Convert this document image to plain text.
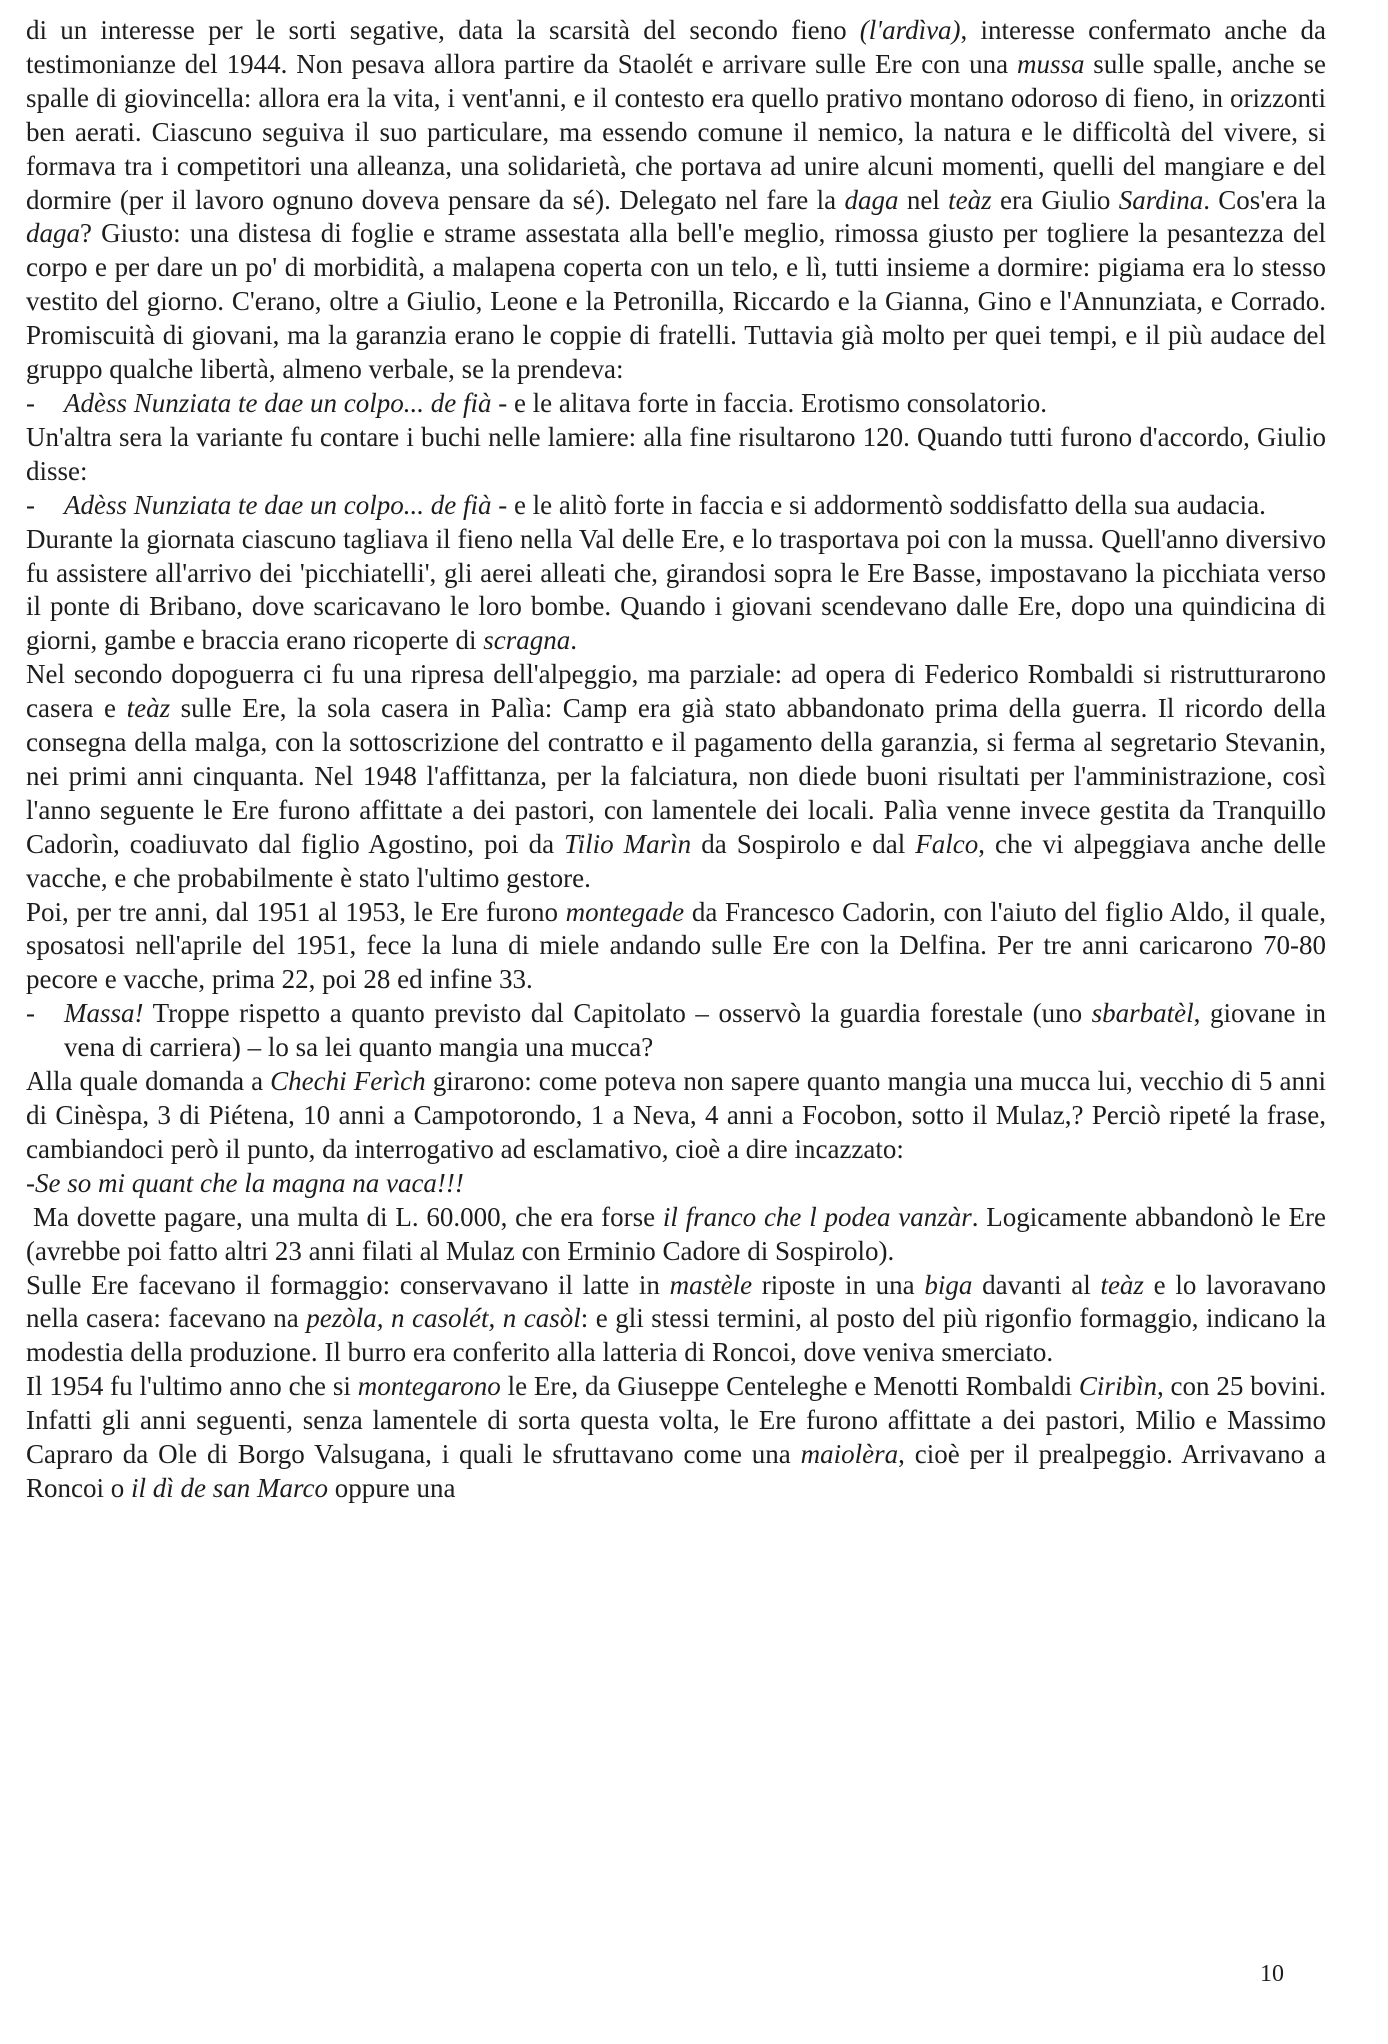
di un interesse per le sorti segative, data la scarsità del secondo fieno (l'ardìva), interesse confermato anche da testimonianze del 1944. Non pesava allora partire da Staolét e arrivare sulle Ere con una mussa sulle spalle, anche se spalle di giovincella: allora era la vita, i vent'anni, e il contesto era quello prativo montano odoroso di fieno, in orizzonti ben aerati. Ciascuno seguiva il suo particulare, ma essendo comune il nemico, la natura e le difficoltà del vivere, si formava tra i competitori una alleanza, una solidarietà, che portava ad unire alcuni momenti, quelli del mangiare e del dormire (per il lavoro ognuno doveva pensare da sé). Delegato nel fare la daga nel teàz era Giulio Sardina. Cos'era la daga? Giusto: una distesa di foglie e strame assestata alla bell'e meglio, rimossa giusto per togliere la pesantezza del corpo e per dare un po' di morbidità, a malapena coperta con un telo, e lì, tutti insieme a dormire: pigiama era lo stesso vestito del giorno. C'erano, oltre a Giulio, Leone e la Petronilla, Riccardo e la Gianna, Gino e l'Annunziata, e Corrado. Promiscuità di giovani, ma la garanzia erano le coppie di fratelli. Tuttavia già molto per quei tempi, e il più audace del gruppo qualche libertà, almeno verbale, se la prendeva:

- Adèss Nunziata te dae un colpo... de fià - e le alitava forte in faccia. Erotismo consolatorio.

Un'altra sera la variante fu contare i buchi nelle lamiere: alla fine risultarono 120. Quando tutti furono d'accordo, Giulio disse:

- Adèss Nunziata te dae un colpo... de fià - e le alitò forte in faccia e si addormentò soddisfatto della sua audacia.

Durante la giornata ciascuno tagliava il fieno nella Val delle Ere, e lo trasportava poi con la mussa. Quell'anno diversivo fu assistere all'arrivo dei 'picchiatelli', gli aerei alleati che, girandosi sopra le Ere Basse, impostavano la picchiata verso il ponte di Bribano, dove scaricavano le loro bombe. Quando i giovani scendevano dalle Ere, dopo una quindicina di giorni, gambe e braccia erano ricoperte di scragna.

Nel secondo dopoguerra ci fu una ripresa dell'alpeggio, ma parziale: ad opera di Federico Rombaldi si ristrutturarono casera e teàz sulle Ere, la sola casera in Palìa: Camp era già stato abbandonato prima della guerra. Il ricordo della consegna della malga, con la sottoscrizione del contratto e il pagamento della garanzia, si ferma al segretario Stevanin, nei primi anni cinquanta. Nel 1948 l'affittanza, per la falciatura, non diede buoni risultati per l'amministrazione, così l'anno seguente le Ere furono affittate a dei pastori, con lamentele dei locali. Palìa venne invece gestita da Tranquillo Cadorìn, coadiuvato dal figlio Agostino, poi da Tilio Marìn da Sospirolo e dal Falco, che vi alpeggiava anche delle vacche, e che probabilmente è stato l'ultimo gestore.

Poi, per tre anni, dal 1951 al 1953, le Ere furono montegade da Francesco Cadorin, con l'aiuto del figlio Aldo, il quale, sposatosi nell'aprile del 1951, fece la luna di miele andando sulle Ere con la Delfina. Per tre anni caricarono 70-80 pecore e vacche, prima 22, poi 28 ed infine 33.

- Massa! Troppe rispetto a quanto previsto dal Capitolato – osservò la guardia forestale (uno sbarbatèl, giovane in vena di carriera) – lo sa lei quanto mangia una mucca?

Alla quale domanda a Chechi Ferìch girarono: come poteva non sapere quanto mangia una mucca lui, vecchio di 5 anni di Cinèspa, 3 di Piétena, 10 anni a Campotorondo, 1 a Neva, 4 anni a Focobon, sotto il Mulaz,? Perciò ripeté la frase, cambiandoci però il punto, da interrogativo ad esclamativo, cioè a dire incazzato:

-Se so mi quant che la magna na vaca!!!

Ma dovette pagare, una multa di L. 60.000, che era forse il franco che l podea vanzàr. Logicamente abbandonò le Ere (avrebbe poi fatto altri 23 anni filati al Mulaz con Erminio Cadore di Sospirolo).

Sulle Ere facevano il formaggio: conservavano il latte in mastèle riposte in una biga davanti al teàz e lo lavoravano nella casera: facevano na pezòla, n casolét, n casòl: e gli stessi termini, al posto del più rigonfio formaggio, indicano la modestia della produzione. Il burro era conferito alla latteria di Roncoi, dove veniva smerciato.

Il 1954 fu l'ultimo anno che si montegarono le Ere, da Giuseppe Centeleghe e Menotti Rombaldi Ciribìn, con 25 bovini. Infatti gli anni seguenti, senza lamentele di sorta questa volta, le Ere furono affittate a dei pastori, Milio e Massimo Capraro da Ole di Borgo Valsugana, i quali le sfruttavano come una maiolèra, cioè per il prealpeggio. Arrivavano a Roncoi o il dì de san Marco oppure una

10
